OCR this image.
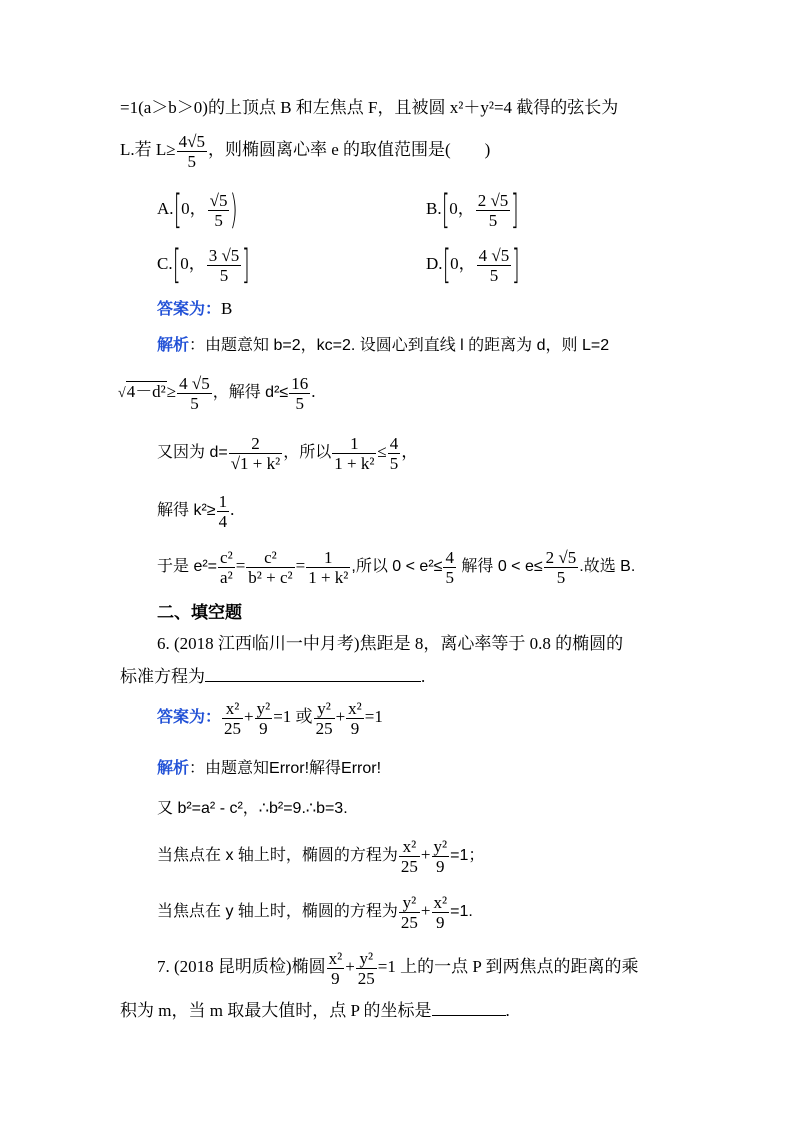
=1(a＞b＞0)的上顶点 B 和左焦点 F，且被圆 x²＋y²=4 截得的弦长为
L.若 $L\ge \frac{4√5}{5}$ ，则椭圆离心率 e 的取值范围是(　　)
A.[0， $\frac{√5}{5}$ )	B.[0， $\frac{2 √5}{5}$ ]
C.[0， $\frac{3 √5}{5}$ ]	D.[0， $\frac{4 √5}{5}$ ]
答案为：B
解析：由题意知 b=2，kc=2. 设圆心到直线 l 的距离为 d，则 L=2
$√4-d^2\ge \frac{4 √5}{5}$ ，解得 $d^2\le \frac{16}{5}$ .
又因为 $d= \frac{2}{\text{√1 + k²}}$ ，所以 $\frac{1}{\text{1 + k²}} \le \frac{4}{5}$ ，
解得 $k^2\ge \frac{1}{4}$ .
于是 $e^2= \frac{\text{c²}}{\text{a²}} = \frac{\text{c²}}{\text{b² + c²}} = \frac{1}{\text{1 + k²}}$ ,所以 $0 < e^2\le \frac{4}{5}$ 解得 $0 < e\le \frac{2 √5}{5}$ .故选 B.
二、填空题
6. (2018 江西临川一中月考)焦距是 8，离心率等于 0.8 的椭圆的
标准方程为	.
答案为： $\frac{\text{x²}}{25} + \frac{\text{y²}}{9} =1$ 或 $\frac{\text{y²}}{25} + \frac{\text{x²}}{9} =1$
解析：由题意知Error!解得Error!
又 b²=a² - c²，∴b²=9.∴b=3.
当焦点在 x 轴上时，椭圆的方程为 $\frac{\text{x²}}{25} + \frac{\text{y²}}{9} =1$；
当焦点在 y 轴上时，椭圆的方程为 $\frac{\text{y²}}{25} + \frac{\text{x²}}{9} =1$.
7. (2018 昆明质检)椭圆 $\frac{\text{x²}}{9} + \frac{\text{y²}}{25} =1$ 上的一点 P 到两焦点的距离的乘
积为 m，当 m 取最大值时，点 P 的坐标是	.
